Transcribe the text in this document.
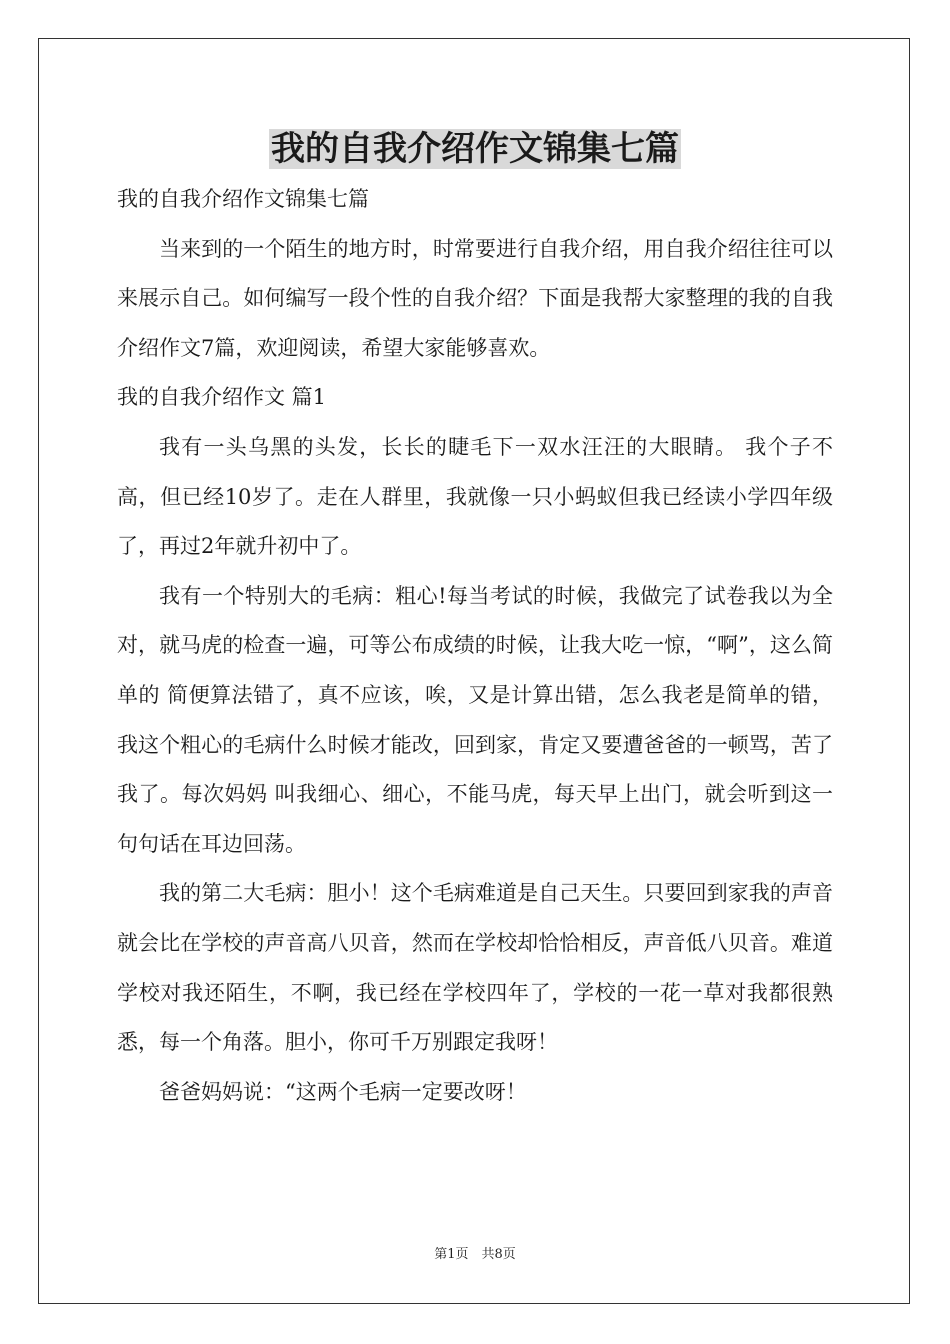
我的自我介绍作文锦集七篇

我的自我介绍作文锦集七篇

当来到的一个陌生的地方时，时常要进行自我介绍，用自我介绍往往可以来展示自己。如何编写一段个性的自我介绍？下面是我帮大家整理的我的自我介绍作文7篇，欢迎阅读，希望大家能够喜欢。

我的自我介绍作文 篇1

我有一头乌黑的头发，长长的睫毛下一双水汪汪的大眼睛。 我个子不高，但已经10岁了。走在人群里，我就像一只小蚂蚁但我已经读小学四年级了，再过2年就升初中了。

我有一个特别大的毛病：粗心!每当考试的时候，我做完了试卷我以为全对，就马虎的检查一遍，可等公布成绩的时候，让我大吃一惊，“啊”，这么简单的 简便算法错了，真不应该，唉，又是计算出错，怎么我老是简单的错，我这个粗心的毛病什么时候才能改，回到家，肯定又要遭爸爸的一顿骂，苦了我了。每次妈妈 叫我细心、细心，不能马虎，每天早上出门，就会听到这一句句话在耳边回荡。

我的第二大毛病：胆小！这个毛病难道是自己天生。只要回到家我的声音就会比在学校的声音高八贝音，然而在学校却恰恰相反，声音低八贝音。难道学校对我还陌生，不啊，我已经在学校四年了，学校的一花一草对我都很熟悉，每一个角落。胆小，你可千万别跟定我呀！

爸爸妈妈说：“这两个毛病一定要改呀！

第1页　共8页
